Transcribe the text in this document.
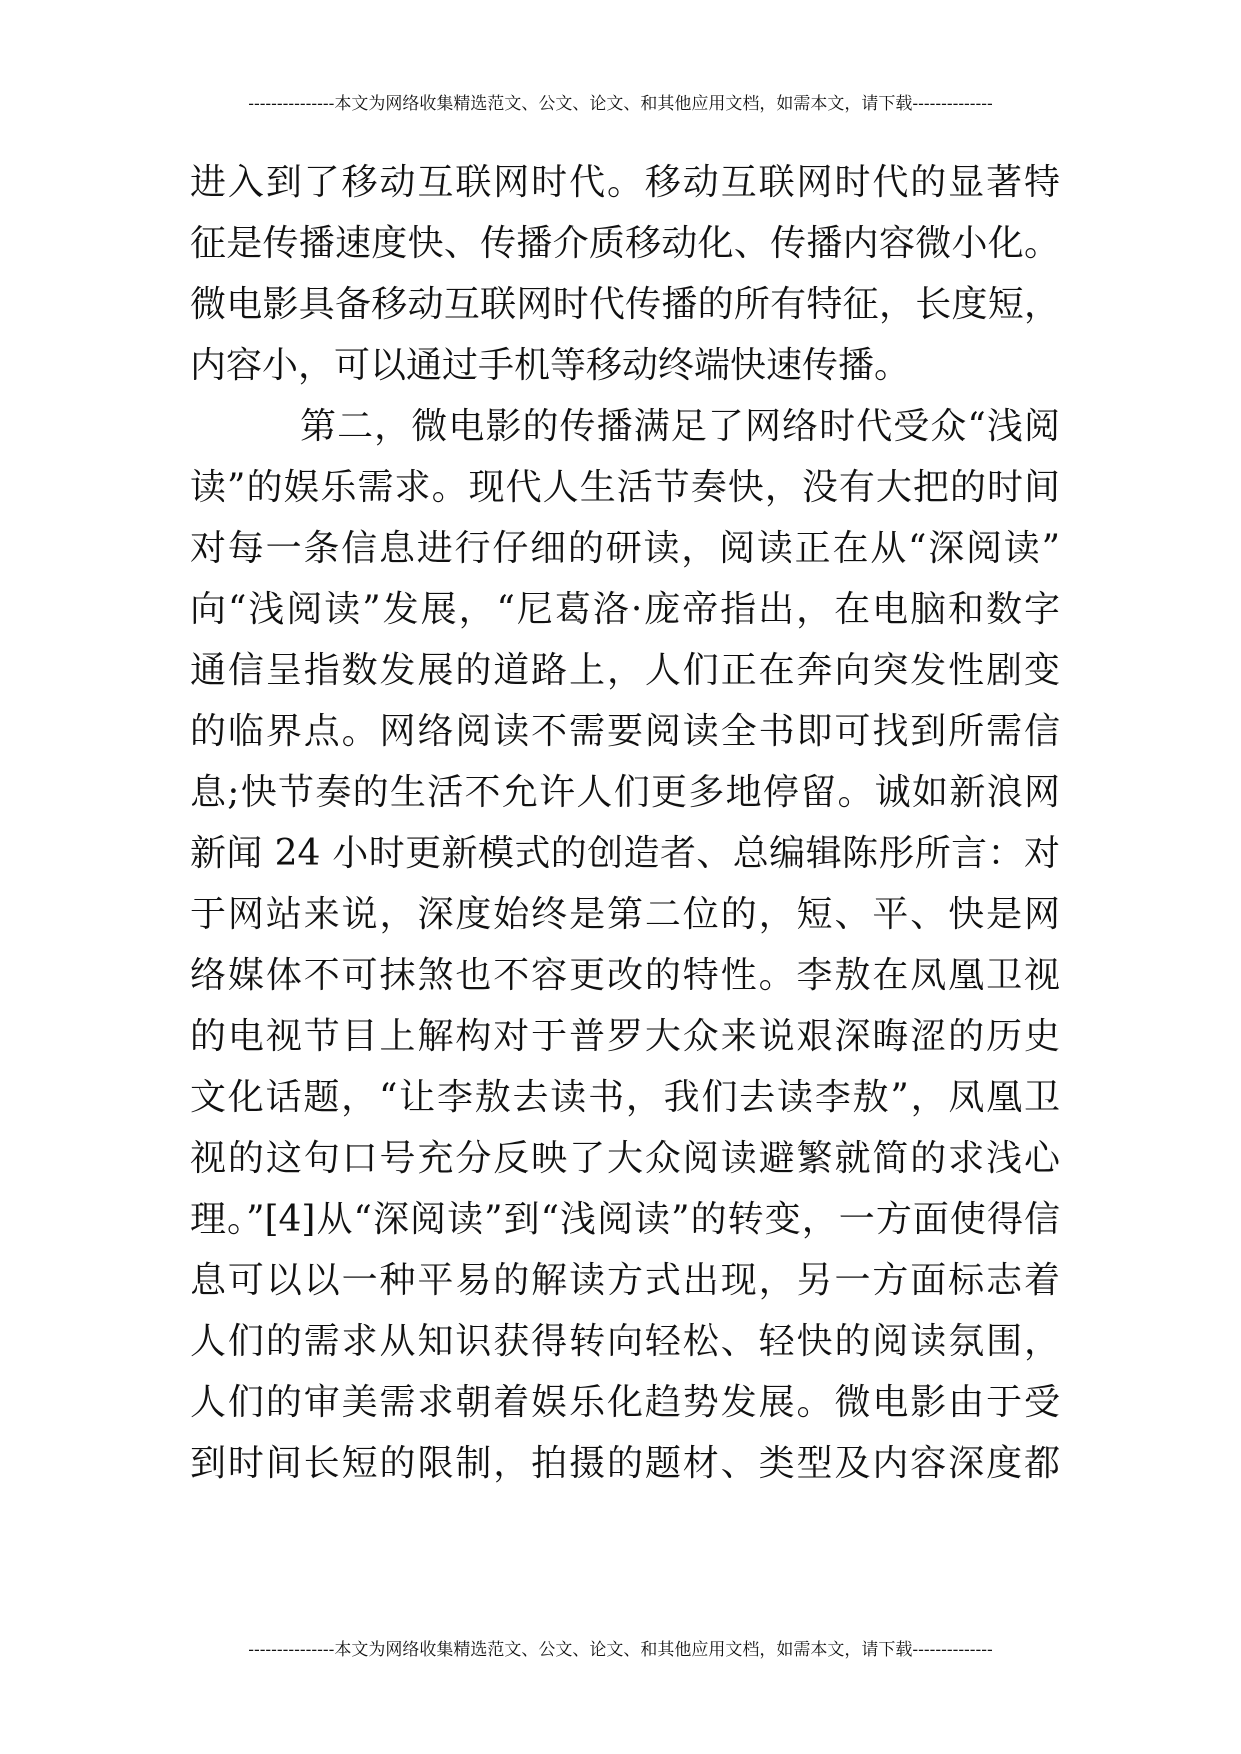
---------------本文为网络收集精选范文、公文、论文、和其他应用文档，如需本文，请下载--------------
进入到了移动互联网时代。移动互联网时代的显著特
征是传播速度快、传播介质移动化、传播内容微小化。
微电影具备移动互联网时代传播的所有特征，长度短，
内容小，可以通过手机等移动终端快速传播。
第二，微电影的传播满足了网络时代受众“浅阅
读”的娱乐需求。现代人生活节奏快，没有大把的时间
对每一条信息进行仔细的研读，阅读正在从“深阅读”
向“浅阅读”发展，“尼葛洛·庞帝指出，在电脑和数字
通信呈指数发展的道路上，人们正在奔向突发性剧变
的临界点。网络阅读不需要阅读全书即可找到所需信
息;快节奏的生活不允许人们更多地停留。诚如新浪网
新闻 24 小时更新模式的创造者、总编辑陈彤所言：对
于网站来说，深度始终是第二位的，短、平、快是网
络媒体不可抹煞也不容更改的特性。李敖在凤凰卫视
的电视节目上解构对于普罗大众来说艰深晦涩的历史
文化话题，“让李敖去读书，我们去读李敖”，凤凰卫
视的这句口号充分反映了大众阅读避繁就简的求浅心
理。”[4]从“深阅读”到“浅阅读”的转变，一方面使得信
息可以以一种平易的解读方式出现，另一方面标志着
人们的需求从知识获得转向轻松、轻快的阅读氛围，
人们的审美需求朝着娱乐化趋势发展。微电影由于受
到时间长短的限制，拍摄的题材、类型及内容深度都
---------------本文为网络收集精选范文、公文、论文、和其他应用文档，如需本文，请下载--------------
